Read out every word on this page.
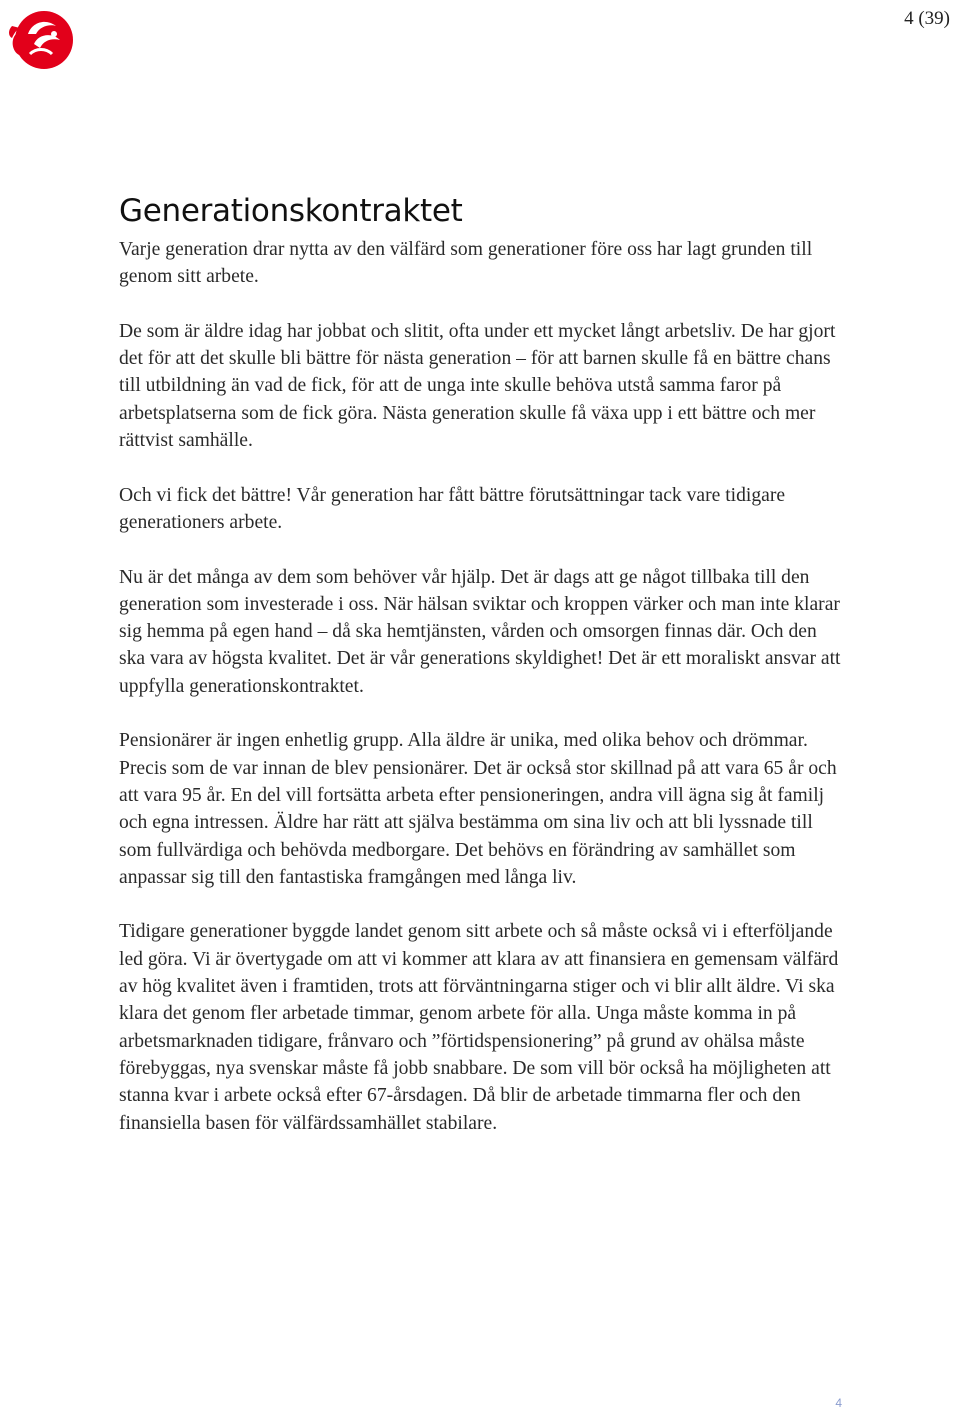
4 (39)
Generationskontraktet

Varje generation drar nytta av den välfärd som generationer före oss har lagt grunden till genom sitt arbete.

De som är äldre idag har jobbat och slitit, ofta under ett mycket långt arbetsliv. De har gjort det för att det skulle bli bättre för nästa generation – för att barnen skulle få en bättre chans till utbildning än vad de fick, för att de unga inte skulle behöva utstå samma faror på arbetsplatserna som de fick göra. Nästa generation skulle få växa upp i ett bättre och mer rättvist samhälle.

Och vi fick det bättre! Vår generation har fått bättre förutsättningar tack vare tidigare generationers arbete.

Nu är det många av dem som behöver vår hjälp. Det är dags att ge något tillbaka till den generation som investerade i oss. När hälsan sviktar och kroppen värker och man inte klarar sig hemma på egen hand – då ska hemtjänsten, vården och omsorgen finnas där. Och den ska vara av högsta kvalitet. Det är vår generations skyldighet! Det är ett moraliskt ansvar att uppfylla generationskontraktet.

Pensionärer är ingen enhetlig grupp. Alla äldre är unika, med olika behov och drömmar. Precis som de var innan de blev pensionärer. Det är också stor skillnad på att vara 65 år och att vara 95 år. En del vill fortsätta arbeta efter pensioneringen, andra vill ägna sig åt familj och egna intressen. Äldre har rätt att själva bestämma om sina liv och att bli lyssnade till som fullvärdiga och behövda medborgare. Det behövs en förändring av samhället som anpassar sig till den fantastiska framgången med långa liv.

Tidigare generationer byggde landet genom sitt arbete och så måste också vi i efterföljande led göra. Vi är övertygade om att vi kommer att klara av att finansiera en gemensam välfärd av hög kvalitet även i framtiden, trots att förväntningarna stiger och vi blir allt äldre. Vi ska klara det genom fler arbetade timmar, genom arbete för alla. Unga måste komma in på arbetsmarknaden tidigare, frånvaro och ”förtidspensionering” på grund av ohälsa måste förebyggas, nya svenskar måste få jobb snabbare. De som vill bör också ha möjligheten att stanna kvar i arbete också efter 67-årsdagen. Då blir de arbetade timmarna fler och den finansiella basen för välfärdssamhället stabilare.

4
